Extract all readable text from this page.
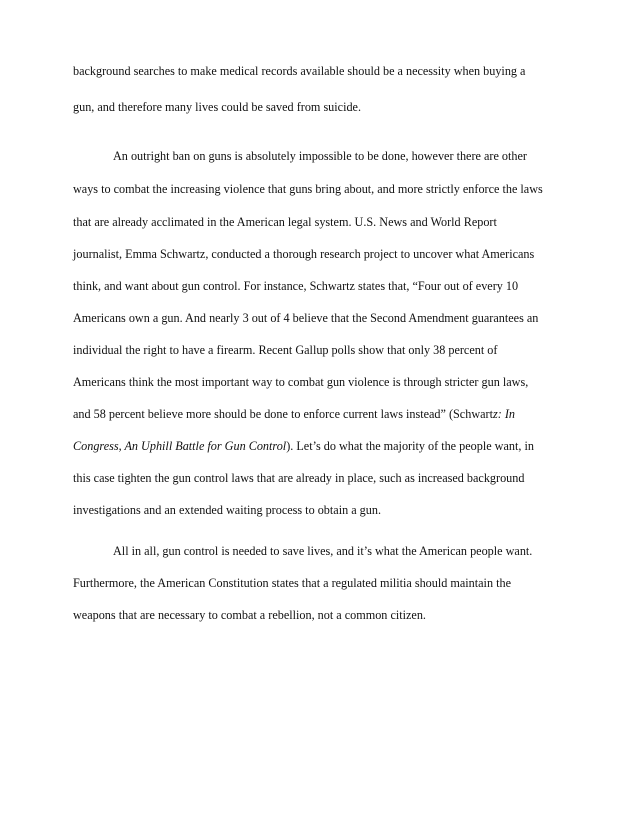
background searches to make medical records available should be a necessity when buying a
gun, and therefore many lives could be saved from suicide.
An outright ban on guns is absolutely impossible to be done, however there are other
ways to combat the increasing violence that guns bring about, and more strictly enforce the laws
that are already acclimated in the American legal system. U.S. News and World Report
journalist, Emma Schwartz, conducted a thorough research project to uncover what Americans
think, and want about gun control. For instance, Schwartz states that, “Four out of every 10
Americans own a gun. And nearly 3 out of 4 believe that the Second Amendment guarantees an
individual the right to have a firearm. Recent Gallup polls show that only 38 percent of
Americans think the most important way to combat gun violence is through stricter gun laws,
and 58 percent believe more should be done to enforce current laws instead” (Schwartz: In
Congress, An Uphill Battle for Gun Control). Let’s do what the majority of the people want, in
this case tighten the gun control laws that are already in place, such as increased background
investigations and an extended waiting process to obtain a gun.
All in all, gun control is needed to save lives, and it’s what the American people want.
Furthermore, the American Constitution states that a regulated militia should maintain the
weapons that are necessary to combat a rebellion, not a common citizen.
